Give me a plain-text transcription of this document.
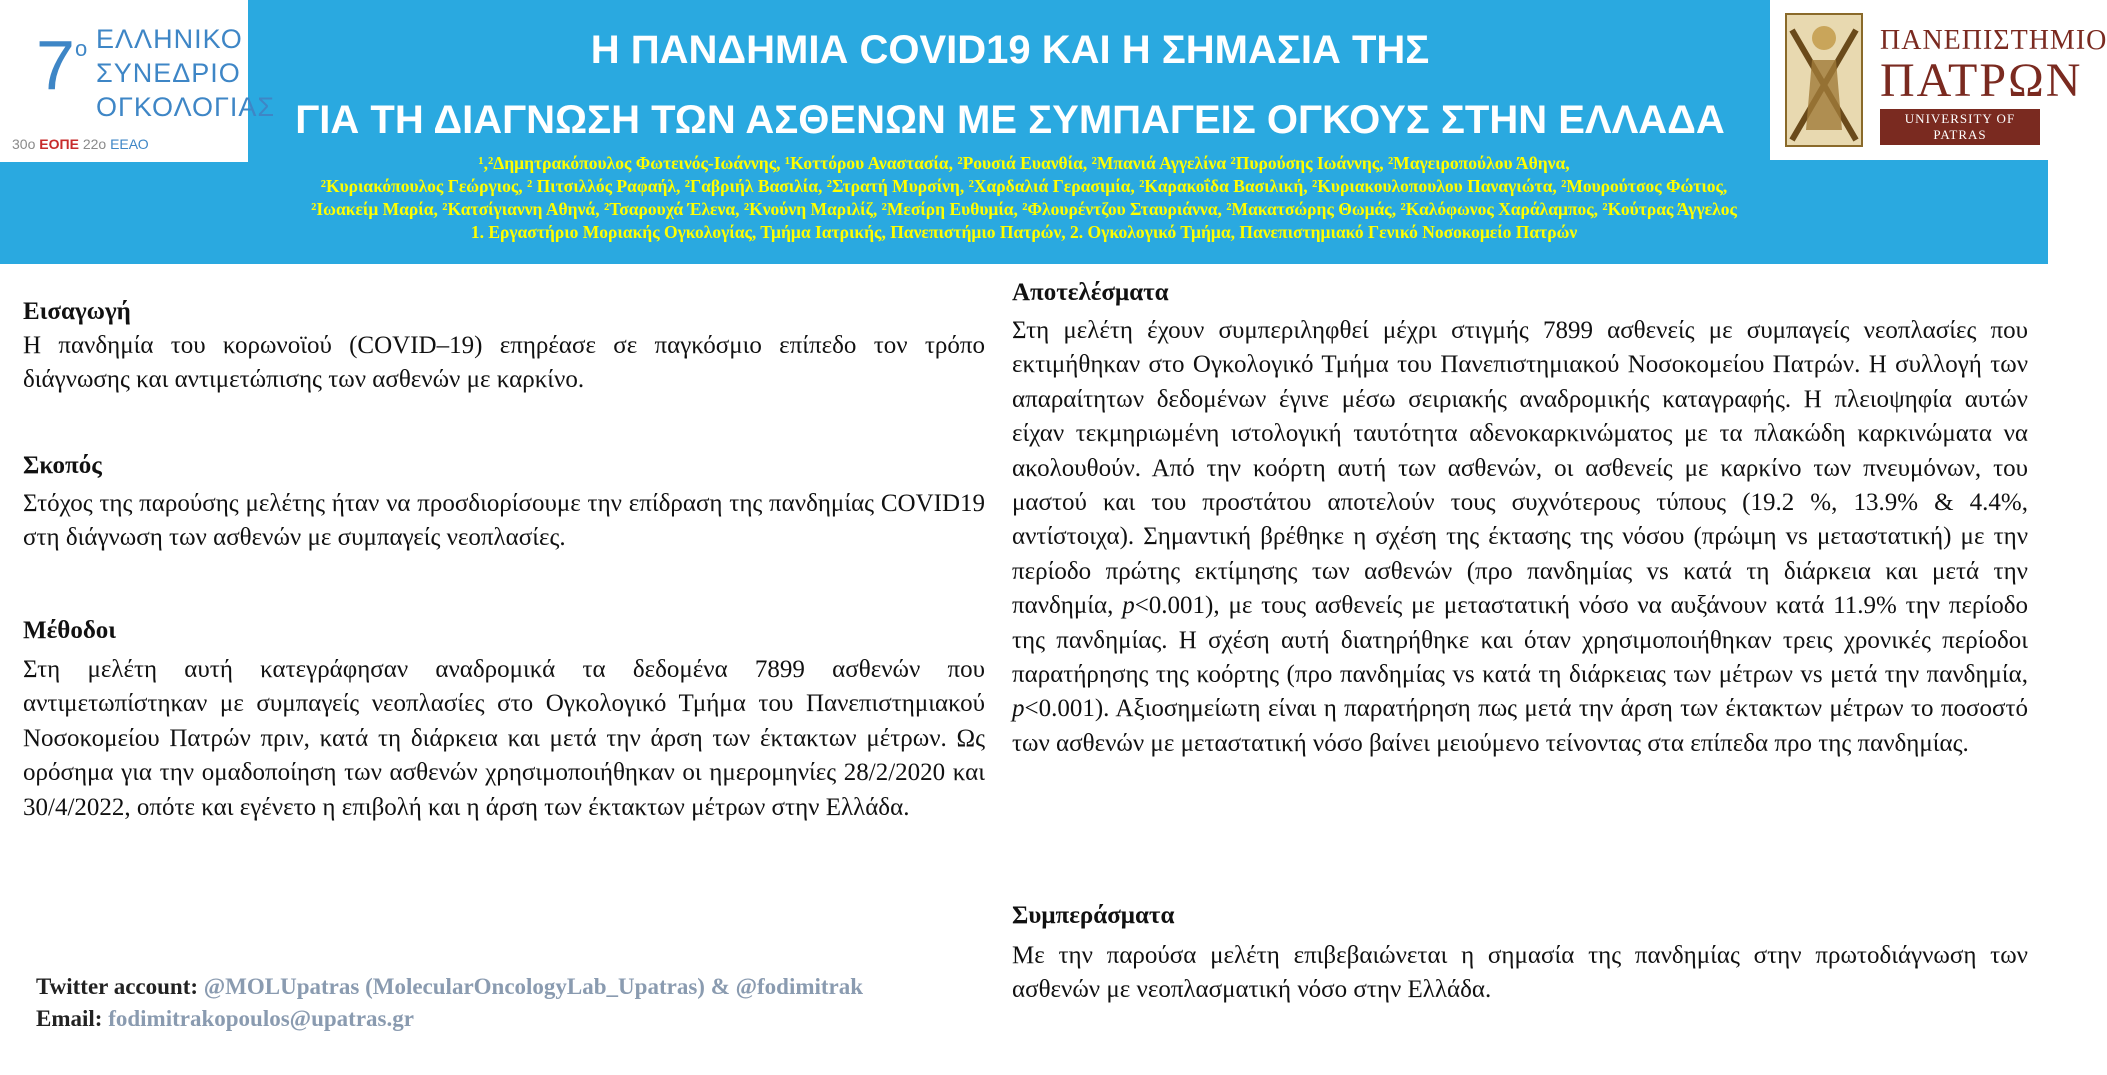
$7^o$ ΕΛΛΗΝΙΚΟ
ΣΥΝΕΔΡΙΟ
ΟΓΚΟΛΟΓΙΑΣ
30ο ΕΟΠΕ 22ο ΕΕΑΟ
Η ΠΑΝΔΗΜΙΑ COVID19 ΚΑΙ Η ΣΗΜΑΣΙΑ ΤΗΣ
ΓΙΑ ΤΗ ΔΙΑΓΝΩΣΗ ΤΩΝ ΑΣΘΕΝΩΝ ΜΕ ΣΥΜΠΑΓΕΙΣ ΟΓΚΟΥΣ ΣΤΗΝ ΕΛΛΑΔΑ
ΠΑΝΕΠΙΣΤΗΜΙΟ
ΠΑΤΡΩΝ
UNIVERSITY OF PATRAS
¹,²Δημητρακόπουλος Φωτεινός-Ιωάννης, ¹Κοττόρου Αναστασία, ²Ρουσιά Ευανθία, ²Μπανιά Αγγελίνα ²Πυρούσης Ιωάννης, ²Μαγειροπούλου Άθηνα,
²Κυριακόπουλος Γεώργιος, ² Πιτσιλλός Ραφαήλ, ²Γαβριήλ Βασιλία, ²Στρατή Μυρσίνη, ²Χαρδαλιά Γερασιμία, ²Καρακοΐδα Βασιλική, ²Κυριακουλοπουλου Παναγιώτα, ²Μουρούτσος Φώτιος,
²Ιωακείμ Μαρία, ²Κατσίγιαννη Αθηνά, ²Τσαρουχά Έλενα, ²Κνούνη Μαριλίζ, ²Μεσίρη Ευθυμία, ²Φλουρέντζου Σταυριάννα, ²Μακατσώρης Θωμάς, ²Καλόφωνος Χαράλαμπος, ²Κούτρας Άγγελος
1. Εργαστήριο Μοριακής Ογκολογίας, Τμήμα Ιατρικής, Πανεπιστήμιο Πατρών, 2. Ογκολογικό Τμήμα, Πανεπιστημιακό Γενικό Νοσοκομείο Πατρών
Εισαγωγή
Η πανδημία του κορωνοϊού (COVID–19) επηρέασε σε παγκόσμιο επίπεδο τον τρόπο διάγνωσης και αντιμετώπισης των ασθενών με καρκίνο.
Σκοπός
Στόχος της παρούσης μελέτης ήταν να προσδιορίσουμε την επίδραση της πανδημίας COVID19 στη διάγνωση των ασθενών με συμπαγείς νεοπλασίες.
Μέθοδοι
Στη μελέτη αυτή κατεγράφησαν αναδρομικά τα δεδομένα 7899 ασθενών που αντιμετωπίστηκαν με συμπαγείς νεοπλασίες στο Ογκολογικό Τμήμα του Πανεπιστημιακού Νοσοκομείου Πατρών πριν, κατά τη διάρκεια και μετά την άρση των έκτακτων μέτρων. Ως ορόσημα για την ομαδοποίηση των ασθενών χρησιμοποιήθηκαν οι ημερομηνίες 28/2/2020 και 30/4/2022, οπότε και εγένετο η επιβολή και η άρση των έκτακτων μέτρων στην Ελλάδα.
Αποτελέσματα
Στη μελέτη έχουν συμπεριληφθεί μέχρι στιγμής 7899 ασθενείς με συμπαγείς νεοπλασίες που εκτιμήθηκαν στο Ογκολογικό Τμήμα του Πανεπιστημιακού Νοσοκομείου Πατρών. Η συλλογή των απαραίτητων δεδομένων έγινε μέσω σειριακής αναδρομικής καταγραφής. Η πλειοψηφία αυτών είχαν τεκμηριωμένη ιστολογική ταυτότητα αδενοκαρκινώματος με τα πλακώδη καρκινώματα να ακολουθούν. Από την κοόρτη αυτή των ασθενών, οι ασθενείς με καρκίνο των πνευμόνων, του μαστού και του προστάτου αποτελούν τους συχνότερους τύπους (19.2 %, 13.9% & 4.4%, αντίστοιχα). Σημαντική βρέθηκε η σχέση της έκτασης της νόσου (πρώιμη vs μεταστατική) με την περίοδο πρώτης εκτίμησης των ασθενών (προ πανδημίας vs κατά τη διάρκεια και μετά την πανδημία, p<0.001), με τους ασθενείς με μεταστατική νόσο να αυξάνουν κατά 11.9% την περίοδο της πανδημίας. Η σχέση αυτή διατηρήθηκε και όταν χρησιμοποιήθηκαν τρεις χρονικές περίοδοι παρατήρησης της κοόρτης (προ πανδημίας vs κατά τη διάρκειας των μέτρων vs μετά την πανδημία, p<0.001). Αξιοσημείωτη είναι η παρατήρηση πως μετά την άρση των έκτακτων μέτρων το ποσοστό των ασθενών με μεταστατική νόσο βαίνει μειούμενο τείνοντας στα επίπεδα προ της πανδημίας.
Συμπεράσματα
Με την παρούσα μελέτη επιβεβαιώνεται η σημασία της πανδημίας στην πρωτοδιάγνωση των ασθενών με νεοπλασματική νόσο στην Ελλάδα.
Twitter account: @MOLUpatras (MolecularOncologyLab_Upatras) & @fodimitrak
Email: fodimitrakopoulos@upatras.gr
